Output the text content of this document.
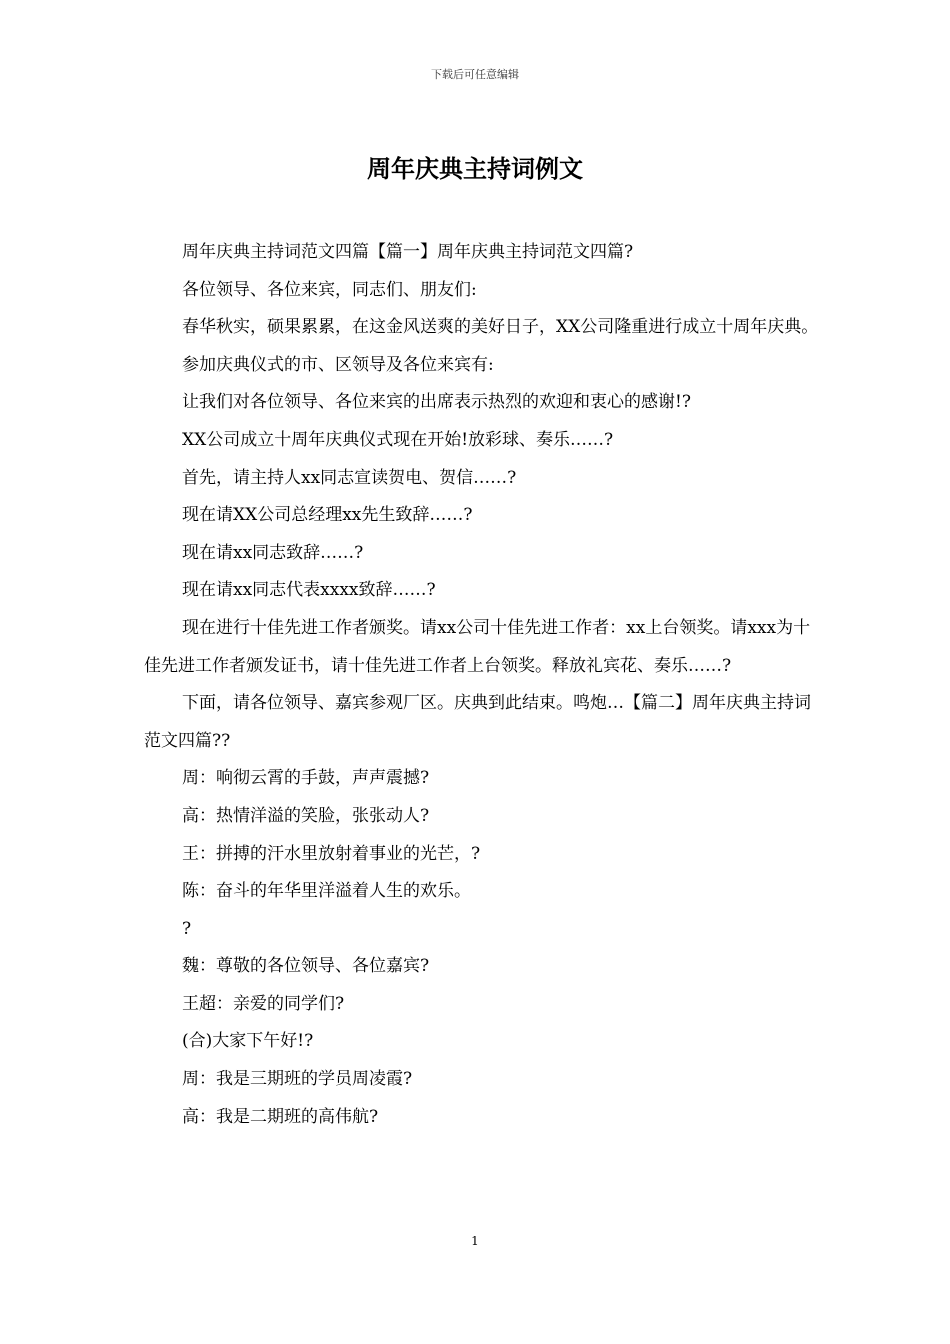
下载后可任意编辑
周年庆典主持词例文

周年庆典主持词范文四篇【篇一】周年庆典主持词范文四篇?

各位领导、各位来宾，同志们、朋友们:

春华秋实，硕果累累，在这金风送爽的美好日子，XX公司隆重进行成立十周年庆典。

参加庆典仪式的市、区领导及各位来宾有:

让我们对各位领导、各位来宾的出席表示热烈的欢迎和衷心的感谢!?

XX公司成立十周年庆典仪式现在开始!放彩球、奏乐……?

首先，请主持人xx同志宣读贺电、贺信……?

现在请XX公司总经理xx先生致辞……?

现在请xx同志致辞……?

现在请xx同志代表xxxx致辞……?

现在进行十佳先进工作者颁奖。请xx公司十佳先进工作者：xx上台领奖。请xxx为十佳先进工作者颁发证书，请十佳先进工作者上台领奖。释放礼宾花、奏乐……?

下面，请各位领导、嘉宾参观厂区。庆典到此结束。鸣炮…【篇二】周年庆典主持词范文四篇??

周：响彻云霄的手鼓，声声震撼?

高：热情洋溢的笑脸，张张动人?

王：拼搏的汗水里放射着事业的光芒，?

陈：奋斗的年华里洋溢着人生的欢乐。

?

魏：尊敬的各位领导、各位嘉宾?

王超：亲爱的同学们?

(合)大家下午好!?

周：我是三期班的学员周凌霞?

高：我是二期班的高伟航?

1
